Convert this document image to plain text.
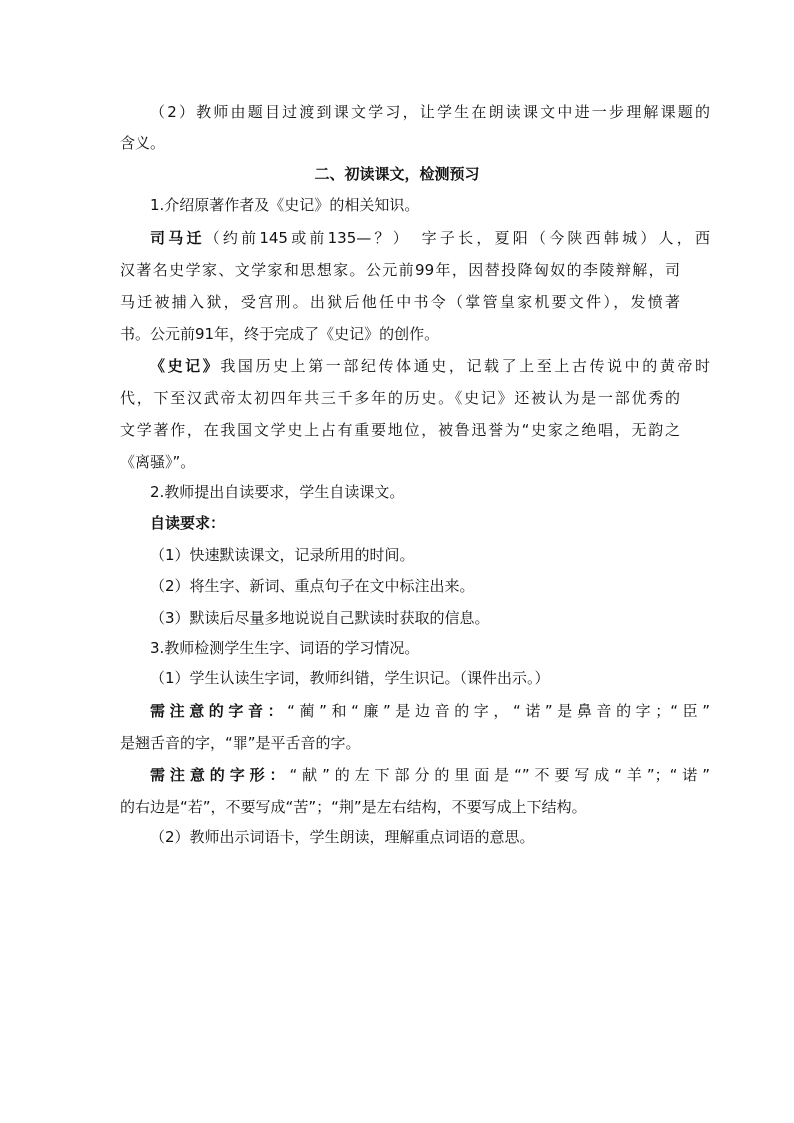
（2）教师由题目过渡到课文学习，让学生在朗读课文中进一步理解课题的
含义。
二、初读课文，检测预习
1.介绍原著作者及《史记》的相关知识。
司马迁（约前145或前135—？）　字子长，夏阳（今陕西韩城）人，西
汉著名史学家、文学家和思想家。公元前99年，因替投降匈奴的李陵辩解，司
马迁被捕入狱，受宫刑。出狱后他任中书令（掌管皇家机要文件），发愤著
书。公元前91年，终于完成了《史记》的创作。
《史记》我国历史上第一部纪传体通史，记载了上至上古传说中的黄帝时
代，下至汉武帝太初四年共三千多年的历史。《史记》还被认为是一部优秀的
文学著作，在我国文学史上占有重要地位，被鲁迅誉为“史家之绝唱，无韵之
《离骚》”。
2.教师提出自读要求，学生自读课文。
自读要求：
（1）快速默读课文，记录所用的时间。
（2）将生字、新词、重点句子在文中标注出来。
（3）默读后尽量多地说说自己默读时获取的信息。
3.教师检测学生生字、词语的学习情况。
（1）学生认读生字词，教师纠错，学生识记。（课件出示。）
需注意的字音：“蔺”和“廉”是边音的字，“诺”是鼻音的字；“臣”
是翘舌音的字，“罪”是平舌音的字。
需注意的字形：“献”的左下部分的里面是“”不要写成“羊”；“诺”
的右边是“若”，不要写成“苦”；“荆”是左右结构，不要写成上下结构。
（2）教师出示词语卡，学生朗读，理解重点词语的意思。
